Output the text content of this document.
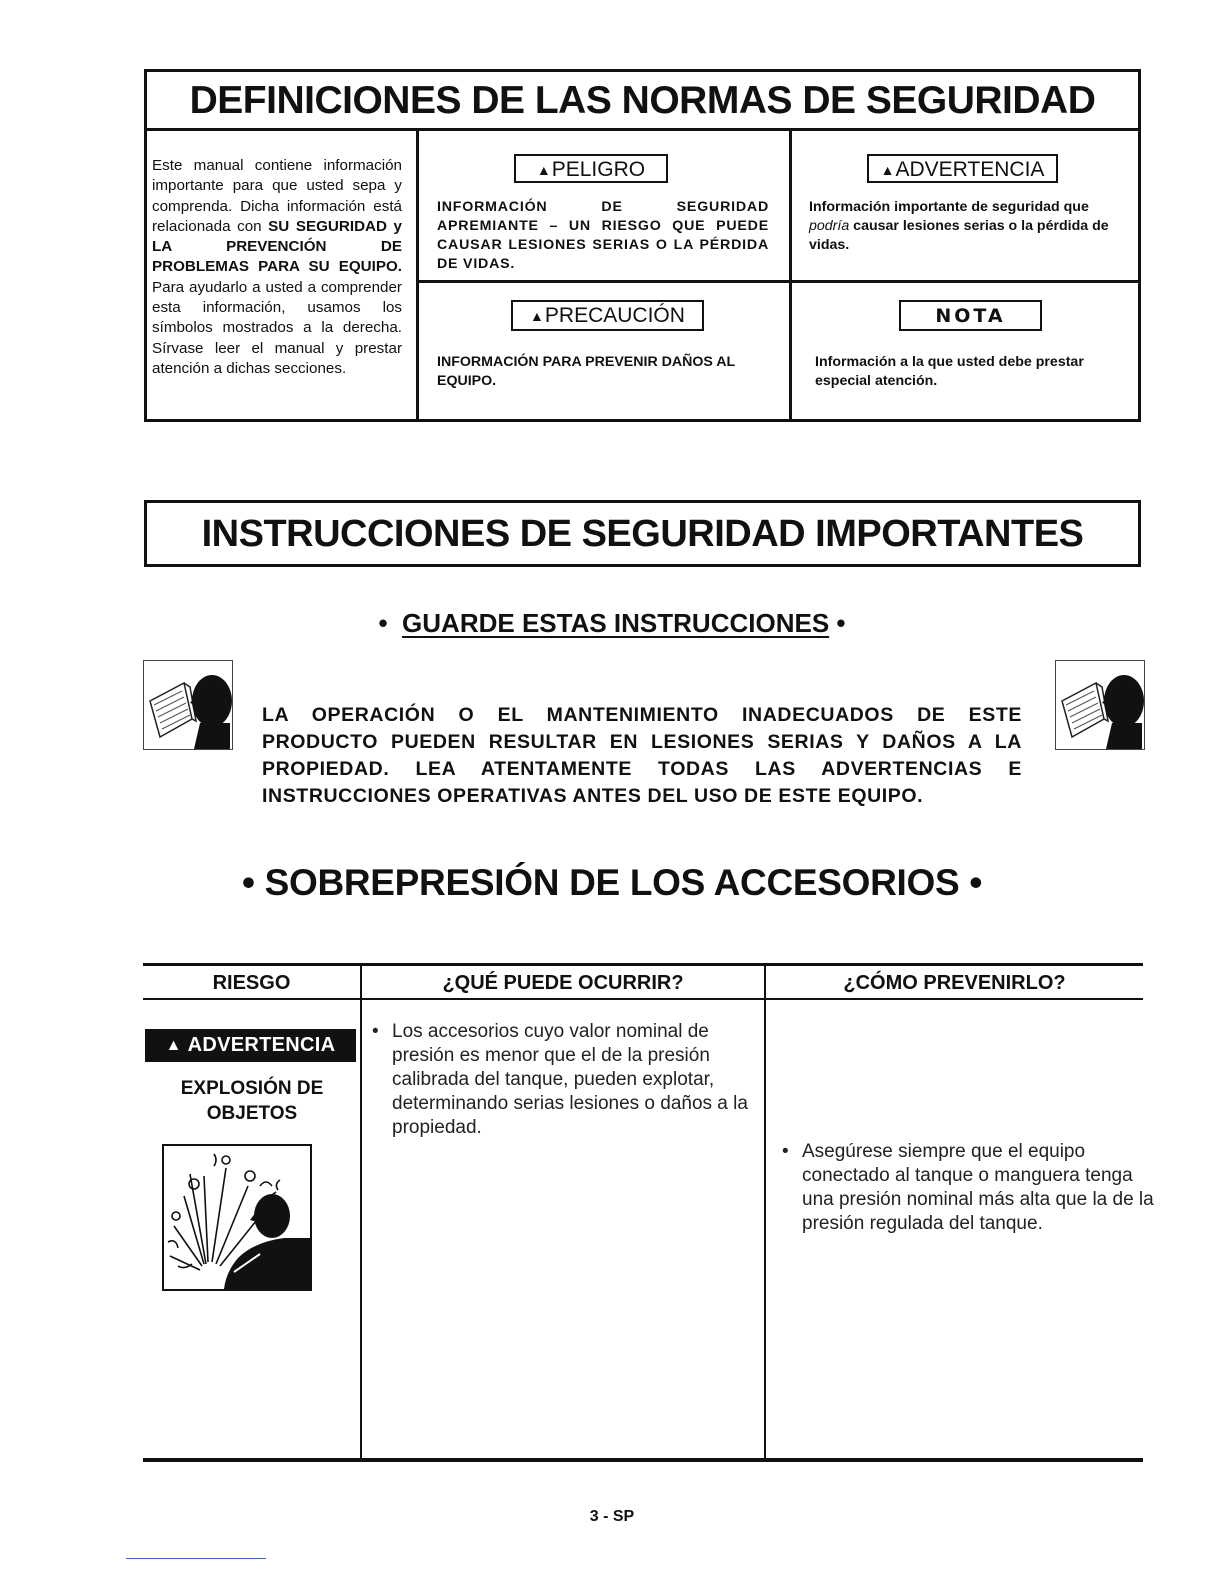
DEFINICIONES DE LAS NORMAS DE SEGURIDAD
Este manual contiene información importante para que usted sepa y comprenda. Dicha información está relacionada con SU SEGURIDAD y LA PREVENCIÓN DE PROBLEMAS PARA SU EQUIPO. Para ayudarlo a usted a comprender esta información, usamos los símbolos mostrados a la derecha. Sírvase leer el manual y prestar atención a dichas secciones.
▲PELIGRO
INFORMACIÓN DE SEGURIDAD APREMIANTE – UN RIESGO QUE PUEDE CAUSAR LESIONES SERIAS O LA PÉRDIDA DE VIDAS.
▲ADVERTENCIA
Información importante de seguridad que podría causar lesiones serias o la pérdida de vidas.
▲PRECAUCIÓN
INFORMACIÓN PARA PREVENIR DAÑOS AL EQUIPO.
NOTA
Información a la que usted debe prestar especial atención.
INSTRUCCIONES DE SEGURIDAD IMPORTANTES
• GUARDE ESTAS INSTRUCCIONES •
LA OPERACIÓN O EL MANTENIMIENTO INADECUADOS DE ESTE PRODUCTO PUEDEN RESULTAR EN LESIONES SERIAS Y DAÑOS A LA PROPIEDAD. LEA ATENTAMENTE TODAS LAS ADVERTENCIAS E INSTRUCCIONES OPERATIVAS ANTES DEL USO DE ESTE EQUIPO.
• SOBREPRESIÓN DE LOS ACCESORIOS •
RIESGO	¿QUÉ PUEDE OCURRIR?	¿CÓMO PREVENIRLO?
▲ ADVERTENCIA
EXPLOSIÓN DE
OBJETOS
• Los accesorios cuyo valor nominal de presión es menor que el de la presión calibrada del tanque, pueden explotar, determinando serias lesiones o daños a la propiedad.
• Asegúrese siempre que el equipo conectado al tanque o manguera tenga una presión nominal más alta que la de la presión regulada del tanque.
3 - SP
